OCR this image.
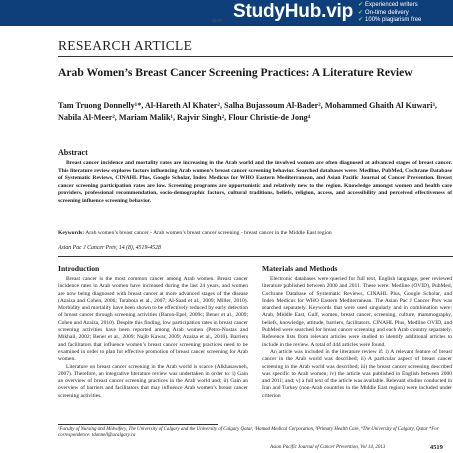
StudyHub.vip ✔ Experienced writers
✔ On-time delivery
✔ 100% plagiarism free
Arab
RESEARCH ARTICLE
Arab Women’s Breast Cancer Screening Practices: A Literature Review
Tam Truong Donnelly¹*, Al-Hareth Al Khater², Salha Bujassoum Al-Bader², Mohammed Ghaith Al Kuwari³, Nabila Al-Meer², Mariam Malik¹, Rajvir Singh², Flour Christie-de Jong⁴
Abstract
Breast cancer incidence and mortality rates are increasing in the Arab world and the involved women are often diagnosed at advanced stages of breast cancer. This literature review explores factors influencing Arab women’s breast cancer screening behavior. Searched databases were: Medline, PubMed, Cochrane Database of Systematic Reviews, CINAHL Plus, Google Scholar, Index Medicus for WHO Eastern Mediterranean, and Asian Pacific Journal of Cancer Prevention. Breast cancer screening participation rates are low. Screening programs are opportunistic and relatively new to the region. Knowledge amongst women and health care providers, professional recommendation, socio-demographic factors, cultural traditions, beliefs, religion, access, and accessibility and perceived effectiveness of screening influence screening behavior.
Keywords: Arab women’s breast cancer - Arab women’s breast cancer screening - breast cancer in the Middle East region
Asian Pac J Cancer Prev, 14 (8), 4519-4528
Introduction

Breast cancer is the most common cancer among Arab women. Breast cancer incidence rates in Arab women have increased during the last 24 years, and women are now being diagnosed with breast cancer at more advanced stages of the disease (Azaiza and Cohen, 2006; Taraboia et al., 2007; Al-Saad et al., 2009; Miller, 2010). Morbidity and mortality have been shown to be effectively reduced by early detection of breast cancer through screening activities (Baron-Epel, 2009c; Bener et al., 2009; Cohen and Azaiza, 2010). Despite this finding, low participation rates in breast cancer screening activities have been reported among Arab women (Petro-Nustas and Mikhail, 2002; Bener et al., 2009; Najib Kawar, 2009; Azaiza et al., 2010). Barriers and facilitators that influence women’s breast cancer screening practices need to be examined in order to plan for effective promotion of breast cancer screening for Arab women.

Literature on breast cancer screening in the Arab world is scarce (Alkhasawneh, 2007). Therefore, an integrative literature review was undertaken in order to: i) Gain an overview of breast cancer screening practices in the Arab world and; ii) Gain an overview of barriers and facilitators that may influence Arab women’s breast cancer screening activities.

Materials and Methods

Electronic databases were queried for full text, English language, peer reviewed literature published between 2000 and 2011. These were: Medline (OVID), PubMed, Cochrane Database of Systematic Reviews, CINAHL Plus, Google Scholar, and Index Medicus for WHO Eastern Mediterranean. The Asian Pac J Cancer Prev was searched separately. Keywords that were used singularly and in combination were: Arab, Middle East, Gulf, women, breast cancer, screening, culture, mammography, beliefs, knowledge, attitude, barriers, facilitators. CINAHL Plus, Medline OVID, and PubMed were searched for breast cancer screening and each Arab country separately. Reference lists from relevant articles were studied to identify additional articles to include in the review. A total of 444 articles were found.

An article was included in the literature review if: i) A relevant feature of breast cancer in the Arab world was described; ii) A particular aspect of breast cancer screening in the Arab world was described; iii) the breast cancer screening described was specific to Arab women; iv) the article was published in English between 2000 and 2011; and; v) a full text of the article was available. Relevant studies conducted in Iran and Turkey (non-Arab countries in the Middle East region) were included under criterion

¹Faculty of Nursing and Midwifery, The University of Calgary and the University of Calgary Qatar, ²Hamad Medical Corporation, ³Primary Health Care, ⁴The University of Calgary, Qatar *For correspondence: tdonnell@ucalgary.ca
Asian Pacific Journal of Cancer Prevention, Vol 14, 2013	4519
